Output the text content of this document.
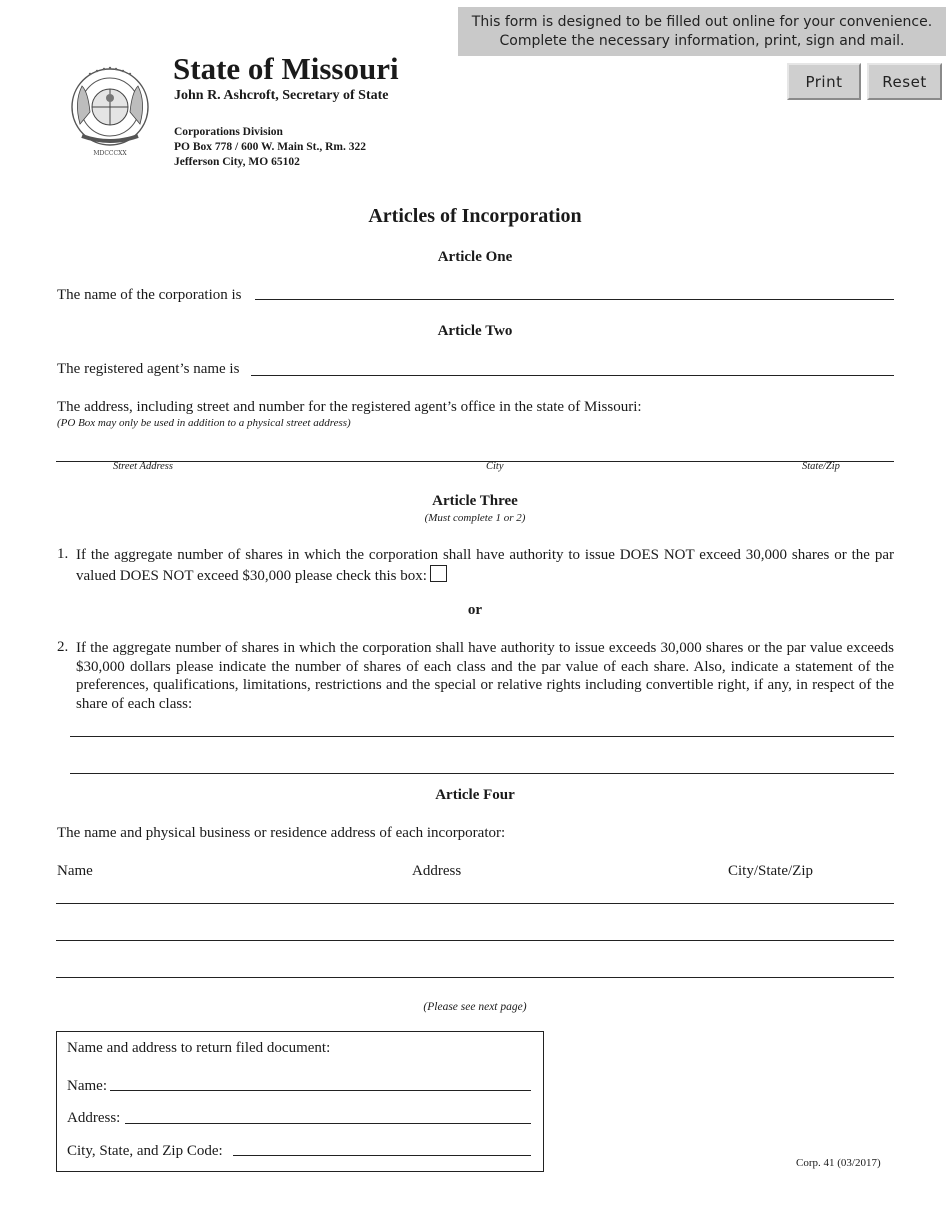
This form is designed to be filled out online for your convenience.
Complete the necessary information, print, sign and mail.
Print	Reset
MDCCCXX
State of Missouri
John R. Ashcroft, Secretary of State
Corporations Division
PO Box 778 / 600 W. Main St., Rm. 322
Jefferson City, MO 65102
Articles of Incorporation
Article One
The name of the corporation is
Article Two
The registered agent’s name is
The address, including street and number for the registered agent’s office in the state of Missouri:
(PO Box may only be used in addition to a physical street address)
Street Address	City	State/Zip
Article Three
(Must complete 1 or 2)
1. If the aggregate number of shares in which the corporation shall have authority to issue DOES NOT exceed 30,000 shares or the par valued DOES NOT exceed $30,000 please check this box:
or
2. If the aggregate number of shares in which the corporation shall have authority to issue exceeds 30,000 shares or the par value exceeds $30,000 dollars please indicate the number of shares of each class and the par value of each share. Also, indicate a statement of the preferences, qualifications, limitations, restrictions and the special or relative rights including convertible right, if any, in respect of the share of each class:
Article Four
The name and physical business or residence address of each incorporator:
Name	Address	City/State/Zip
(Please see next page)
Name and address to return filed document:
Name:
Address:
City, State, and Zip Code:
Corp. 41 (03/2017)
